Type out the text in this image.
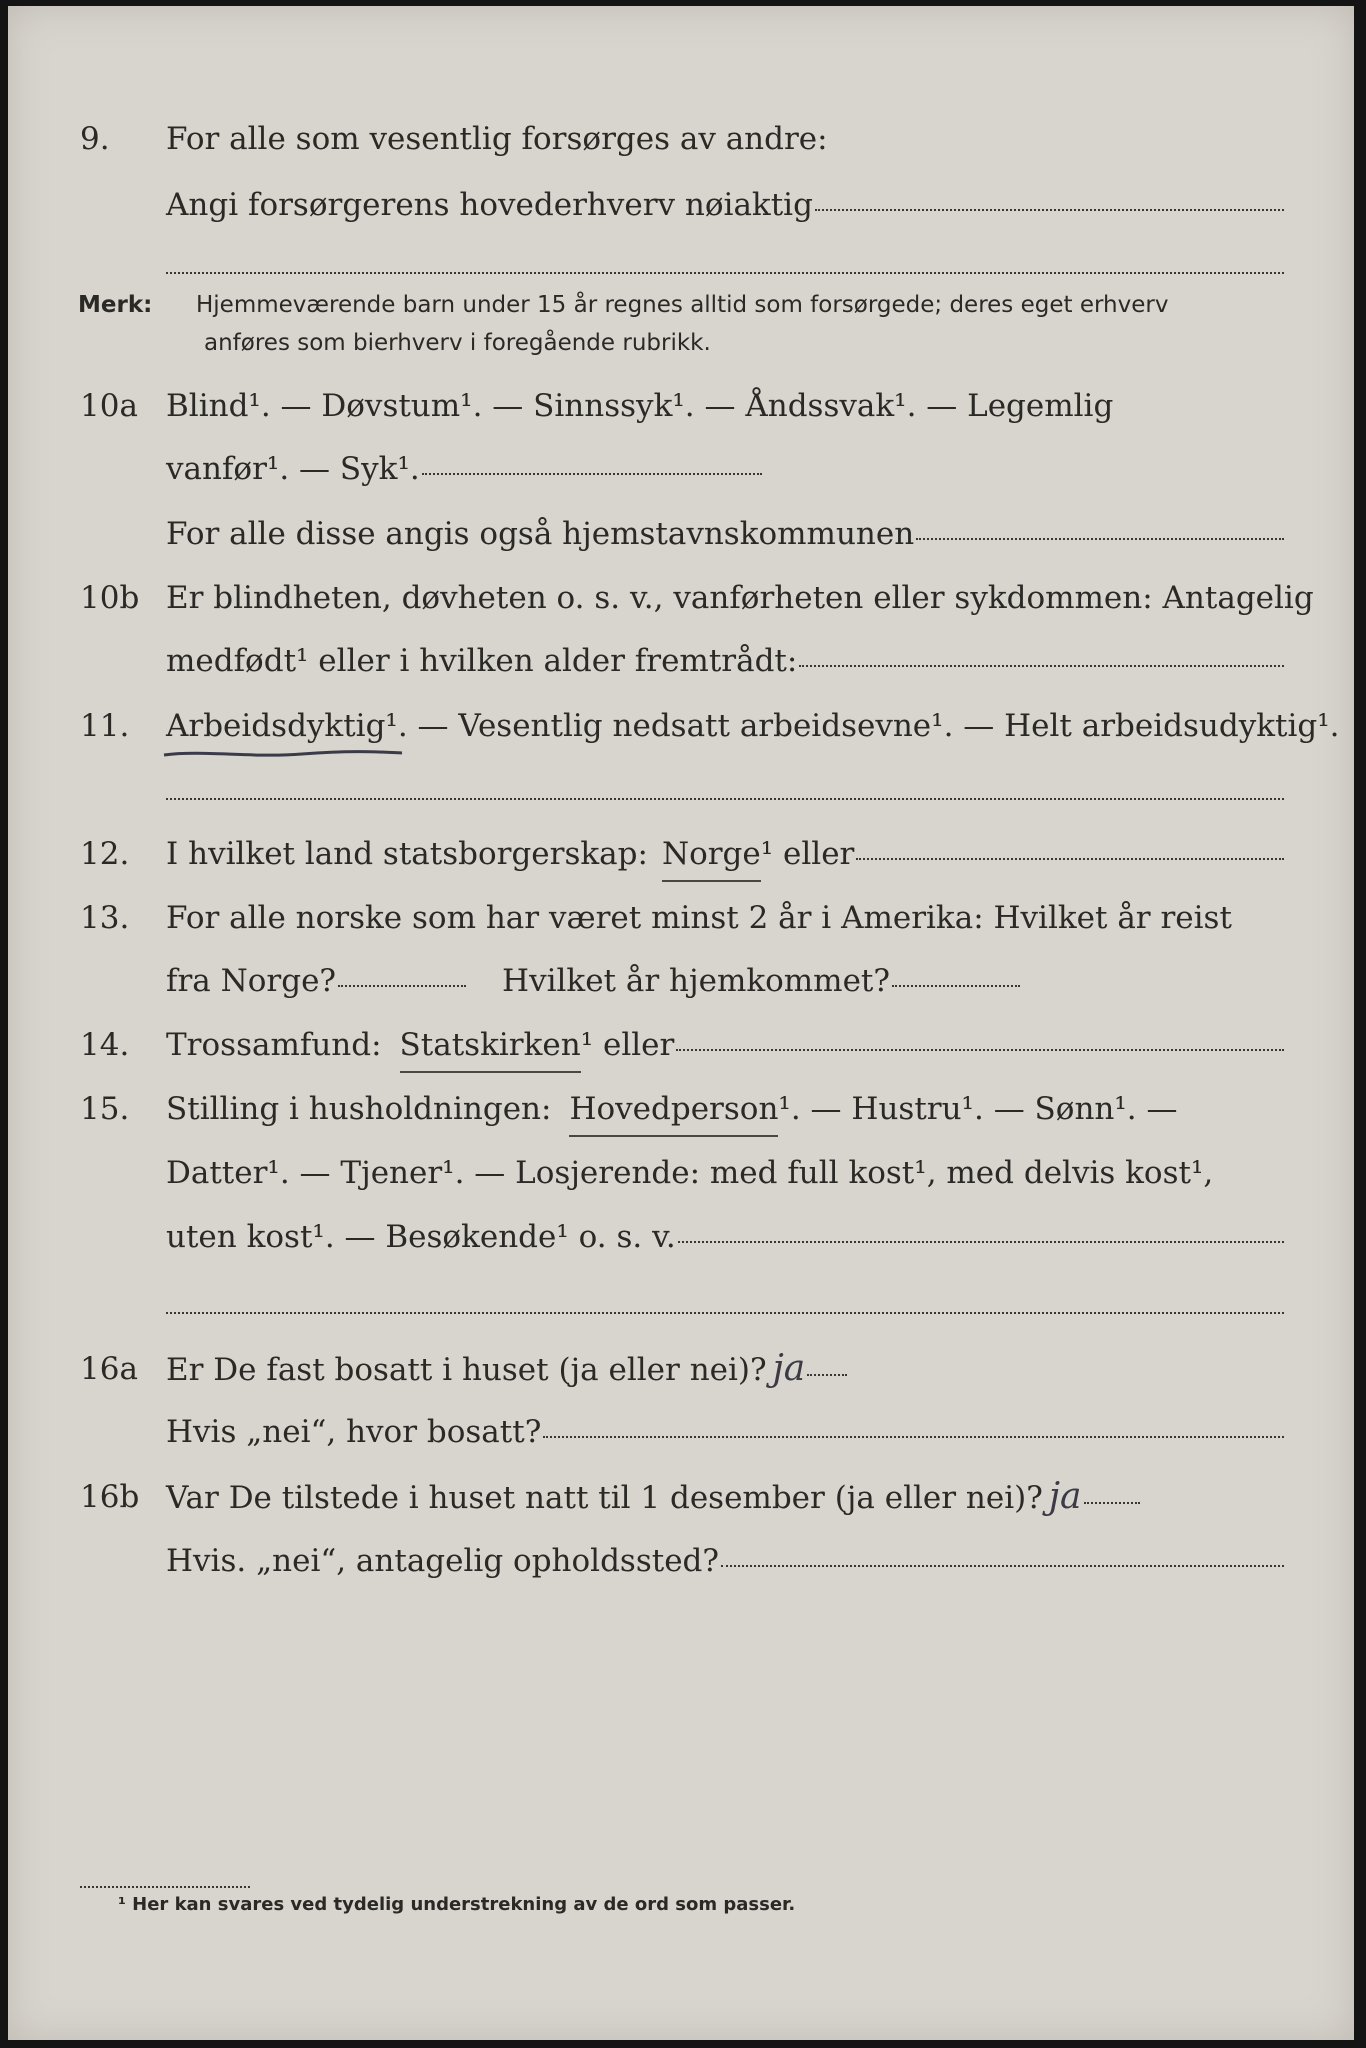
9. For alle som vesentlig forsørges av andre:
Angi forsørgerens hovederhverv nøiaktig
Merk: Hjemmeværende barn under 15 år regnes alltid som forsørgede; deres eget erhverv
anføres som bierhverv i foregående rubrikk.
10a Blind¹. — Døvstum¹. — Sinnssyk¹. — Åndssvak¹. — Legemlig
vanfør¹. — Syk¹.
For alle disse angis også hjemstavnskommunen
10b Er blindheten, døvheten o. s. v., vanførheten eller sykdommen: Antagelig
medfødt¹ eller i hvilken alder fremtrådt:
11. Arbeidsdyktig ¹. — Vesentlig nedsatt arbeidsevne¹. — Helt arbeidsudyktig¹.
12. I hvilket land statsborgerskap: Norge ¹ eller
13. For alle norske som har været minst 2 år i Amerika: Hvilket år reist
fra Norge?	Hvilket år hjemkommet?
14. Trossamfund: Statskirken ¹ eller
15. Stilling i husholdningen: Hovedperson ¹. — Hustru¹. — Sønn¹. —
Datter¹. — Tjener¹. — Losjerende: med full kost¹, med delvis kost¹,
uten kost¹. — Besøkende¹ o. s. v.
16a Er De fast bosatt i huset (ja eller nei)? ja
Hvis „nei“, hvor bosatt?
16b Var De tilstede i huset natt til 1 desember (ja eller nei)? ja
Hvis. „nei“, antagelig opholdssted?
¹ Her kan svares ved tydelig understrekning av de ord som passer.
